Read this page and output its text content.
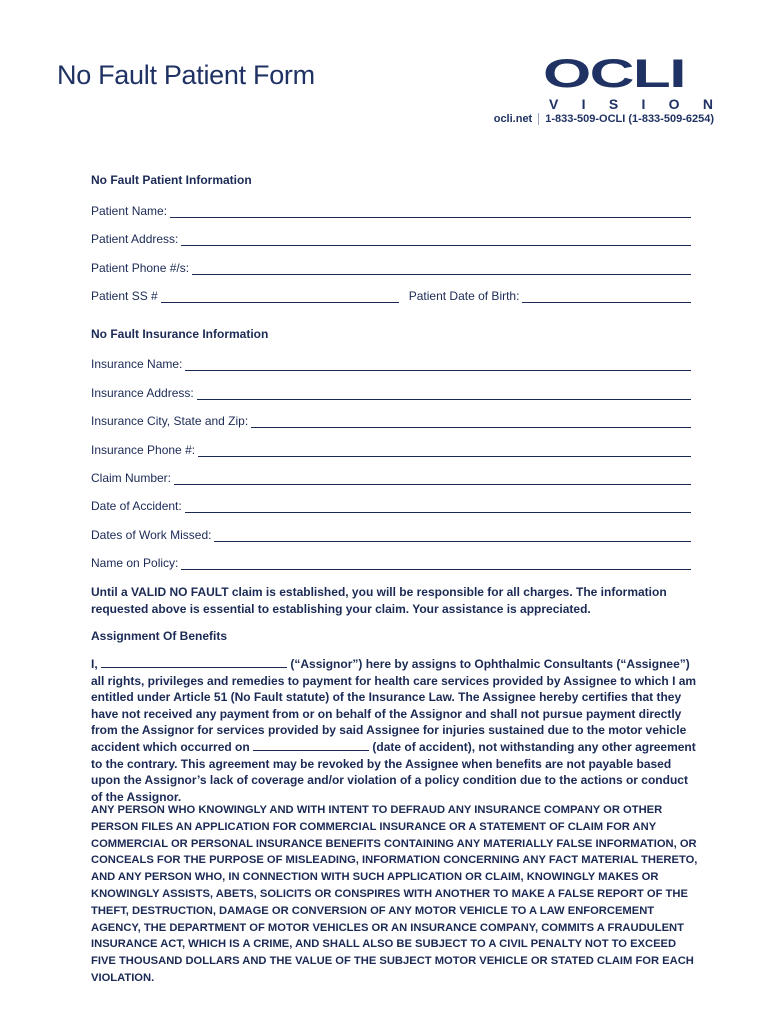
No Fault Patient Form	OCLI
V I S I O N
ocli.net 1-833-509-OCLI (1-833-509-6254)
No Fault Patient Information
Patient Name:
Patient Address:
Patient Phone #/s:
Patient SS #	Patient Date of Birth:
No Fault Insurance Information
Insurance Name:
Insurance Address:
Insurance City, State and Zip:
Insurance Phone #:
Claim Number:
Date of Accident:
Dates of Work Missed:
Name on Policy:
Until a VALID NO FAULT claim is established, you will be responsible for all charges. The information requested above is essential to establishing your claim. Your assistance is appreciated.
Assignment Of Benefits
I,	(“Assignor”) here by assigns to Ophthalmic Consultants (“Assignee”) all rights, privileges and remedies to payment for health care services provided by Assignee to which I am entitled under Article 51 (No Fault statute) of the Insurance Law. The Assignee hereby certifies that they have not received any payment from or on behalf of the Assignor and shall not pursue payment directly from the Assignor for services provided by said Assignee for injuries sustained due to the motor vehicle accident which occurred on	(date of accident), not withstanding any other agreement to the contrary. This agreement may be revoked by the Assignee when benefits are not payable based upon the Assignor’s lack of coverage and/or violation of a policy condition due to the actions or conduct of the Assignor.
ANY PERSON WHO KNOWINGLY AND WITH INTENT TO DEFRAUD ANY INSURANCE COMPANY OR OTHER PERSON FILES AN APPLICATION FOR COMMERCIAL INSURANCE OR A STATEMENT OF CLAIM FOR ANY COMMERCIAL OR PERSONAL INSURANCE BENEFITS CONTAINING ANY MATERIALLY FALSE INFORMATION, OR CONCEALS FOR THE PURPOSE OF MISLEADING, INFORMATION CONCERNING ANY FACT MATERIAL THERETO, AND ANY PERSON WHO, IN CONNECTION WITH SUCH APPLICATION OR CLAIM, KNOWINGLY MAKES OR KNOWINGLY ASSISTS, ABETS, SOLICITS OR CONSPIRES WITH ANOTHER TO MAKE A FALSE REPORT OF THE THEFT, DESTRUCTION, DAMAGE OR CONVERSION OF ANY MOTOR VEHICLE TO A LAW ENFORCEMENT AGENCY, THE DEPARTMENT OF MOTOR VEHICLES OR AN INSURANCE COMPANY, COMMITS A FRAUDULENT INSURANCE ACT, WHICH IS A CRIME, AND SHALL ALSO BE SUBJECT TO A CIVIL PENALTY NOT TO EXCEED FIVE THOUSAND DOLLARS AND THE VALUE OF THE SUBJECT MOTOR VEHICLE OR STATED CLAIM FOR EACH VIOLATION.
